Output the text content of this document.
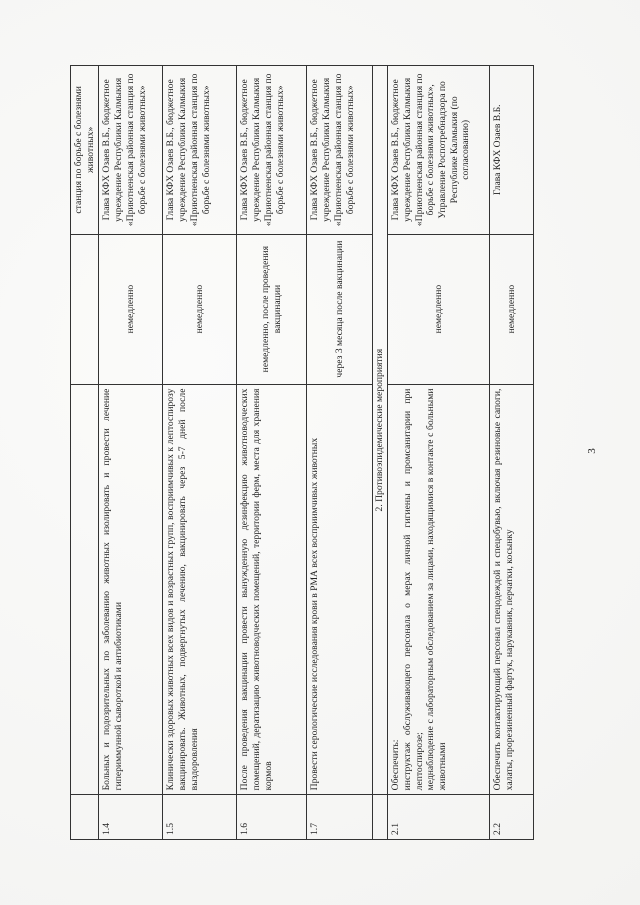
			станция по борьбе с болезнями животных»
1.4	Больных и подозрительных по заболеванию животных изолировать и провести лечение гипериммунной сывороткой и антибиотиками	немедленно	Глава КФХ Озаев В.Б., бюджетное учреждение Республики Калмыкия «Приютненская районная станция по борьбе с болезнями животных»
1.5	Клинически здоровых животных всех видов и возрастных групп, восприимчивых к лептоспирозу вакцинировать. Животных, подвергнутых лечению, вакцинировать через 5-7 дней после выздоровления	немедленно	Глава КФХ Озаев В.Б., бюджетное учреждение Республики Калмыкия «Приютненская районная станция по борьбе с болезнями животных»
1.6	После проведения вакцинации провести вынужденную дезинфекцию животноводческих помещений, дератизацию животноводческих помещений, территории ферм, места для хранения кормов	немедленно, после проведения вакцинации	Глава КФХ Озаев В.Б., бюджетное учреждение Республики Калмыкия «Приютненская районная станция по борьбе с болезнями животных»
1.7	Провести серологические исследования крови в РМА всех восприимчивых животных	через 3 месяца после вакцинации	Глава КФХ Озаев В.Б., бюджетное учреждение Республики Калмыкия «Приютненская районная станция по борьбе с болезнями животных»
	2. Противоэпидемические мероприятия		
2.1	Обеспечить: инструктаж обслуживающего персонала о мерах личной гигиены и промсанитарии при лептоспирозе; меднаблюдение с лабораторным обследованием за лицами, находящимися в контакте с больными животными	немедленно	Глава КФХ Озаев В.Б., бюджетное учреждение Республики Калмыкия «Приютненская районная станция по борьбе с болезнями животных», Управление Роспотребнадзора по Республике Калмыкия (по согласованию)
2.2	Обеспечить контактирующий персонал спецодеждой и спецобувью, включая резиновые сапоги, халаты, прорезиненный фартук, нарукавник, перчатки, косынку	немедленно	Глава КФХ Озаев В.Б.
3
